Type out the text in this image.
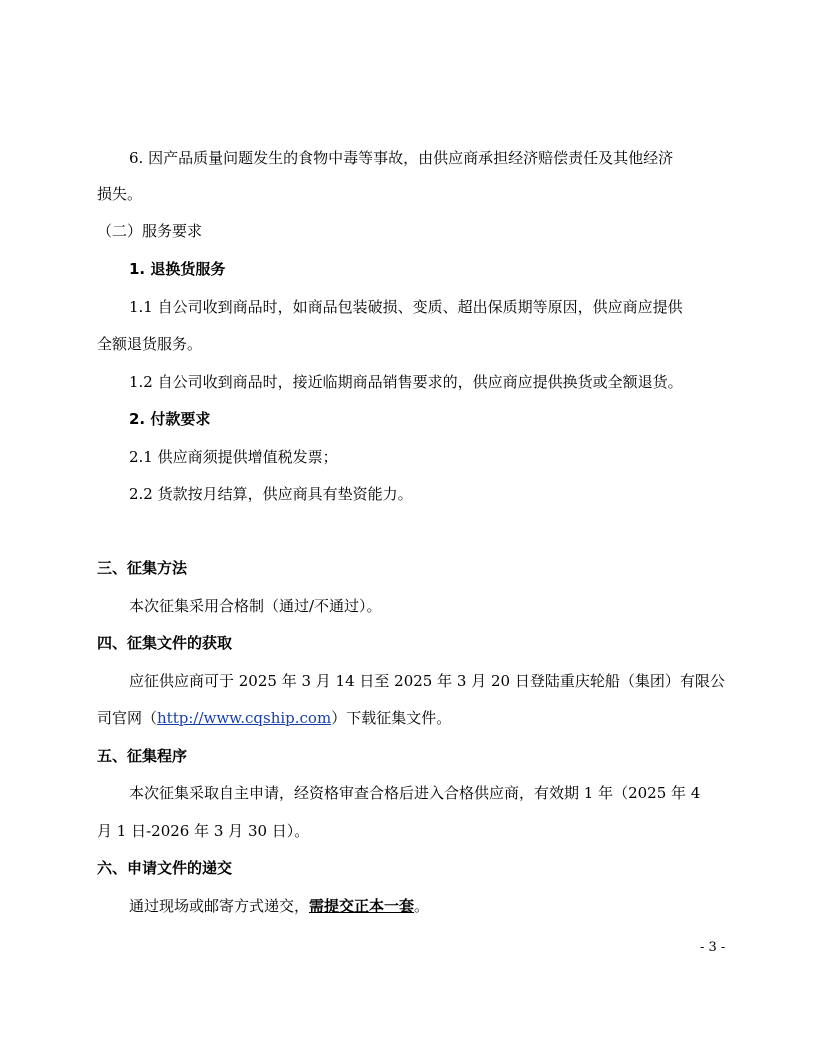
6. 因产品质量问题发生的食物中毒等事故，由供应商承担经济赔偿责任及其他经济
损失。
（二）服务要求
1. 退换货服务
1.1 自公司收到商品时，如商品包装破损、变质、超出保质期等原因，供应商应提供
全额退货服务。
1.2 自公司收到商品时，接近临期商品销售要求的，供应商应提供换货或全额退货。
2. 付款要求
2.1 供应商须提供增值税发票；
2.2 货款按月结算，供应商具有垫资能力。
三、征集方法
本次征集采用合格制（通过/不通过）。
四、征集文件的获取
应征供应商可于 2025 年 3 月 14 日至 2025 年 3 月 20 日登陆重庆轮船（集团）有限公
司官网（http://www.cqship.com）下载征集文件。
五、征集程序
本次征集采取自主申请，经资格审查合格后进入合格供应商，有效期 1 年（2025 年 4
月 1 日-2026 年 3 月 30 日）。
六、申请文件的递交
通过现场或邮寄方式递交，需提交正本一套。
- 3 -
